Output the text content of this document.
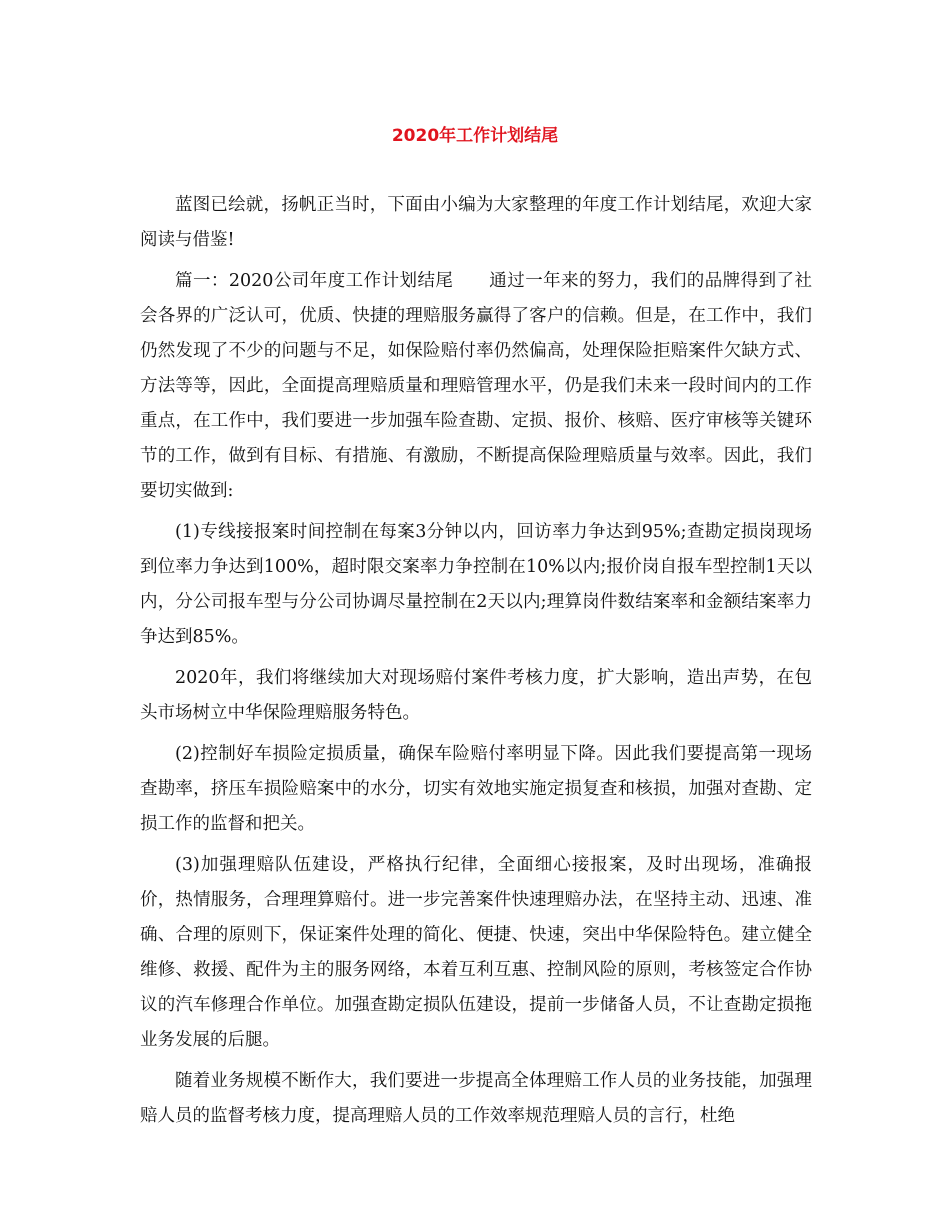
2020年工作计划结尾

蓝图已绘就，扬帆正当时，下面由小编为大家整理的年度工作计划结尾，欢迎大家阅读与借鉴!

篇一：2020公司年度工作计划结尾　　通过一年来的努力，我们的品牌得到了社会各界的广泛认可，优质、快捷的理赔服务赢得了客户的信赖。但是，在工作中，我们仍然发现了不少的问题与不足，如保险赔付率仍然偏高，处理保险拒赔案件欠缺方式、方法等等，因此，全面提高理赔质量和理赔管理水平，仍是我们未来一段时间内的工作重点，在工作中，我们要进一步加强车险查勘、定损、报价、核赔、医疗审核等关键环节的工作，做到有目标、有措施、有激励，不断提高保险理赔质量与效率。因此，我们要切实做到:

(1)专线接报案时间控制在每案3分钟以内，回访率力争达到95%;查勘定损岗现场到位率力争达到100%，超时限交案率力争控制在10%以内;报价岗自报车型控制1天以内，分公司报车型与分公司协调尽量控制在2天以内;理算岗件数结案率和金额结案率力争达到85%。

2020年，我们将继续加大对现场赔付案件考核力度，扩大影响，造出声势，在包头市场树立中华保险理赔服务特色。

(2)控制好车损险定损质量，确保车险赔付率明显下降。因此我们要提高第一现场查勘率，挤压车损险赔案中的水分，切实有效地实施定损复查和核损，加强对查勘、定损工作的监督和把关。

(3)加强理赔队伍建设，严格执行纪律，全面细心接报案，及时出现场，准确报价，热情服务，合理理算赔付。进一步完善案件快速理赔办法，在坚持主动、迅速、准确、合理的原则下，保证案件处理的简化、便捷、快速，突出中华保险特色。建立健全维修、救援、配件为主的服务网络，本着互利互惠、控制风险的原则，考核签定合作协议的汽车修理合作单位。加强查勘定损队伍建设，提前一步储备人员，不让查勘定损拖业务发展的后腿。

随着业务规模不断作大，我们要进一步提高全体理赔工作人员的业务技能，加强理赔人员的监督考核力度，提高理赔人员的工作效率规范理赔人员的言行，杜绝
